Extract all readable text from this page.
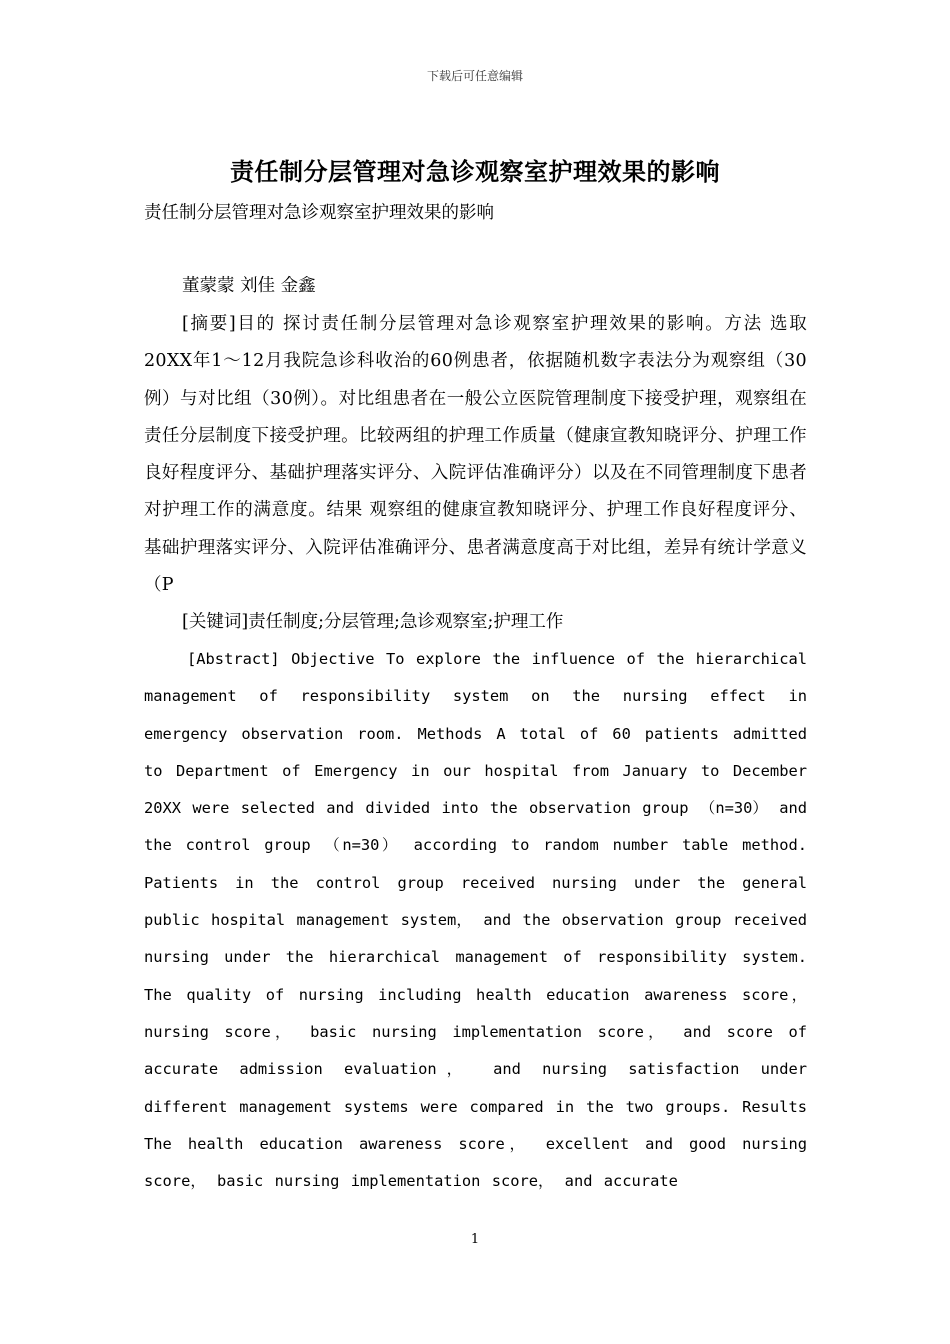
下载后可任意编辑
责任制分层管理对急诊观察室护理效果的影响
责任制分层管理对急诊观察室护理效果的影响
董蒙蒙 刘佳 金鑫
[摘要]目的 探讨责任制分层管理对急诊观察室护理效果的影响。方法 选取20XX年1～12月我院急诊科收治的60例患者，依据随机数字表法分为观察组（30例）与对比组（30例）。对比组患者在一般公立医院管理制度下接受护理，观察组在责任分层制度下接受护理。比较两组的护理工作质量（健康宣教知晓评分、护理工作良好程度评分、基础护理落实评分、入院评估准确评分）以及在不同管理制度下患者对护理工作的满意度。结果 观察组的健康宣教知晓评分、护理工作良好程度评分、基础护理落实评分、入院评估准确评分、患者满意度高于对比组，差异有统计学意义（P
[关键词]责任制度;分层管理;急诊观察室;护理工作
[Abstract] Objective To explore the influence of the hierarchical management of responsibility system on the nursing effect in emergency observation room. Methods A total of 60 patients admitted to Department of Emergency in our hospital from January to December 20XX were selected and divided into the observation group （n=30） and the control group （n=30） according to random number table method. Patients in the control group received nursing under the general public hospital management system， and the observation group received nursing under the hierarchical management of responsibility system. The quality of nursing including health education awareness score， nursing score， basic nursing implementation score， and score of accurate admission evaluation， and nursing satisfaction under different management systems were compared in the two groups. Results The health education awareness score， excellent and good nursing score， basic nursing implementation score， and accurate
1
